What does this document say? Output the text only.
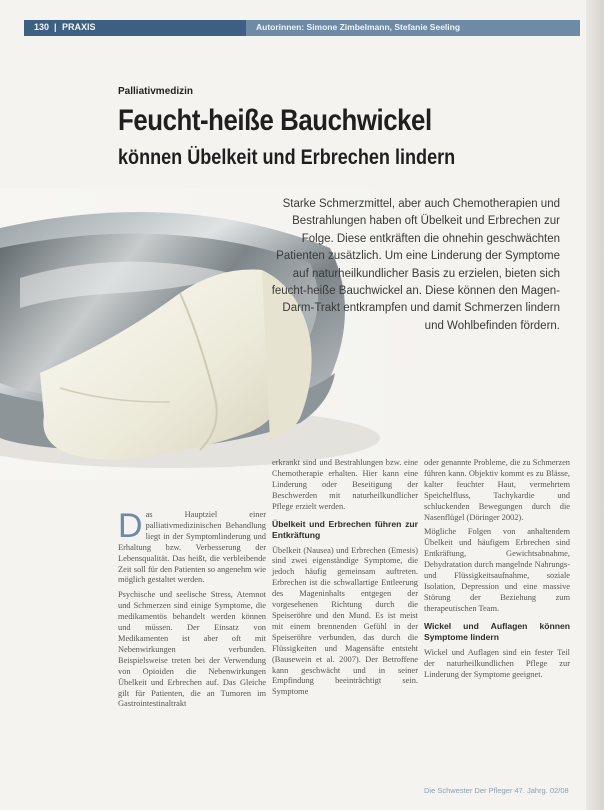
130 | PRAXIS	Autorinnen: Simone Zimbelmann, Stefanie Seeling
Palliativmedizin
Feucht-heiße Bauchwickel
können Übelkeit und Erbrechen lindern
Starke Schmerzmittel, aber auch Chemotherapien und Bestrahlungen haben oft Übelkeit und Erbrechen zur Folge. Diese entkräften die ohnehin geschwächten Patienten zusätzlich. Um eine Linderung der Symptome auf naturheilkundlicher Basis zu erzielen, bieten sich feucht-heiße Bauchwickel an. Diese können den Magen-Darm-Trakt entkrampfen und damit Schmerzen lindern und Wohlbefinden fördern.

Das Hauptziel einer palliativmedizinischen Behandlung liegt in der Symptomlinderung und Erhaltung bzw. Verbesserung der Lebensqualität. Das heißt, die verbleibende Zeit soll für den Patienten so angenehm wie möglich gestaltet werden.

Psychische und seelische Stress, Atemnot und Schmerzen sind einige Symptome, die medikamentös behandelt werden können und müssen. Der Einsatz von Medikamenten ist aber oft mit Nebenwirkungen verbunden. Beispielsweise treten bei der Verwendung von Opioiden die Nebenwirkungen Übelkeit und Erbrechen auf. Das Gleiche gilt für Patienten, die an Tumoren im Gastrointestinaltrakt

erkrankt sind und Bestrahlungen bzw. eine Chemotherapie erhalten. Hier kann eine Linderung oder Beseitigung der Beschwerden mit naturheilkundlicher Pflege erzielt werden.

Übelkeit und Erbrechen führen zur Entkräftung

Übelkeit (Nausea) und Erbrechen (Emesis) sind zwei eigenständige Symptome, die jedoch häufig gemeinsam auftreten. Erbrechen ist die schwallartige Entleerung des Mageninhalts entgegen der vorgesehenen Richtung durch die Speiseröhre und den Mund. Es ist meist mit einem brennenden Gefühl in der Speiseröhre verbunden, das durch die Flüssigkeiten und Magensäfte entsteht (Bausewein et al. 2007). Der Betroffene kann geschwächt und in seiner Empfindung beeinträchtigt sein. Symptome

oder genannte Probleme, die zu Schmerzen führen kann. Objektiv kommt es zu Blässe, kalter feuchter Haut, vermehrtem Speichelfluss, Tachykardie und schluckenden Bewegungen durch die Nasenflügel (Döringer 2002).

Mögliche Folgen von anhaltendem Übelkeit und häufigem Erbrechen sind Entkräftung, Gewichtsabnahme, Dehydratation durch mangelnde Nahrungs- und Flüssigkeitsaufnahme, soziale Isolation, Depression und eine massive Störung der Beziehung zum therapeutischen Team.

Wickel und Auflagen können Symptome lindern

Wickel und Auflagen sind ein fester Teil der naturheilkundlichen Pflege zur Linderung der Symptome geeignet.

Die Schwester Der Pfleger 47. Jahrg. 02/08
